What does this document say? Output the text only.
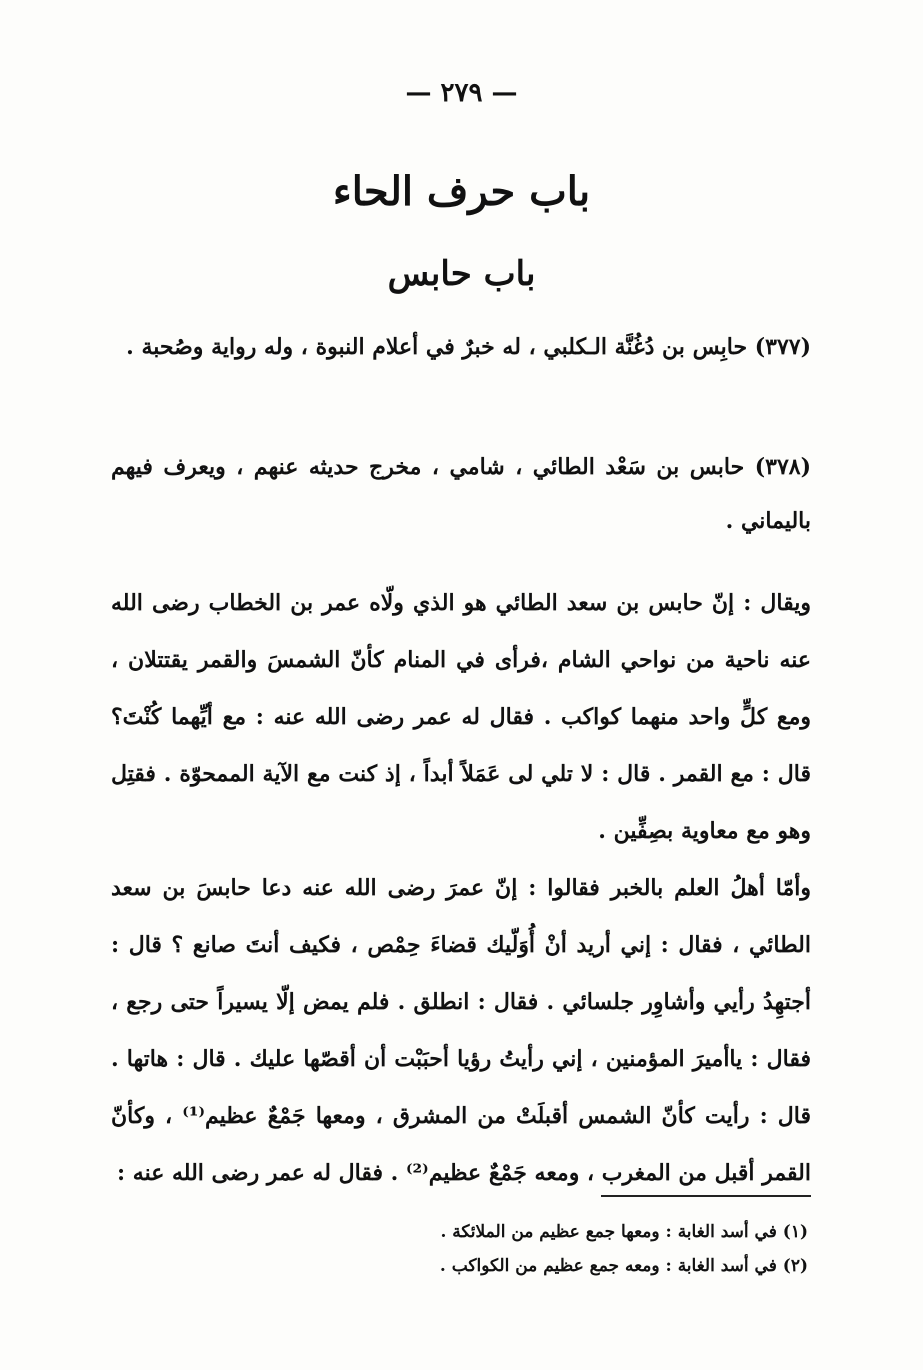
— ٢٧٩ —
باب حرف الحاء
باب حابس
(٣٧٧) حابِس بن دُغُنَّة الـكلبي ، له خبرٌ في أعلام النبوة ، وله رواية وصُحبة .
(٣٧٨) حابس بن سَعْد الطائي ، شامي ، مخرج حديثه عنهم ، ويعرف فيهم باليماني .
ويقال : إنّ حابس بن سعد الطائي هو الذي ولّاه عمر بن الخطاب رضى الله عنه ناحية من نواحي الشام ،فرأى في المنام كأنّ الشمسَ والقمر يقتتلان ، ومع كلٍّ واحد منهما كواكب . فقال له عمر رضى الله عنه : مع أيِّهما كُنْتَ؟ قال : مع القمر . قال : لا تلي لى عَمَلاً أبداً ، إذ كنت مع الآية الممحوّة . فقتِل وهو مع معاوية بصِفِّين .
وأمّا أهلُ العلم بالخبر فقالوا : إنّ عمرَ رضى الله عنه دعا حابسَ بن سعد الطائي ، فقال : إني أريد أنْ أُوَلّيك قضاءَ حِمْص ، فكيف أنتَ صانع ؟ قال : أجتهِدُ رأيي وأشاوِر جلسائي . فقال : انطلق . فلم يمض إلّا يسيراً حتى رجع ، فقال : ياأميرَ المؤمنين ، إني رأيتُ رؤيا أحبَبْت أن أقصّها عليك . قال : هاتها . قال : رأيت كأنّ الشمس أقبلَتْ من المشرق ، ومعها جَمْعٌ عظيم⁽¹⁾ ، وكأنّ القمر أقبل من المغرب ، ومعه جَمْعٌ عظيم⁽²⁾ . فقال له عمر رضى الله عنه :
(١) في أسد الغابة : ومعها جمع عظيم من الملائكة .
(٢) في أسد الغابة : ومعه جمع عظيم من الكواكب .
